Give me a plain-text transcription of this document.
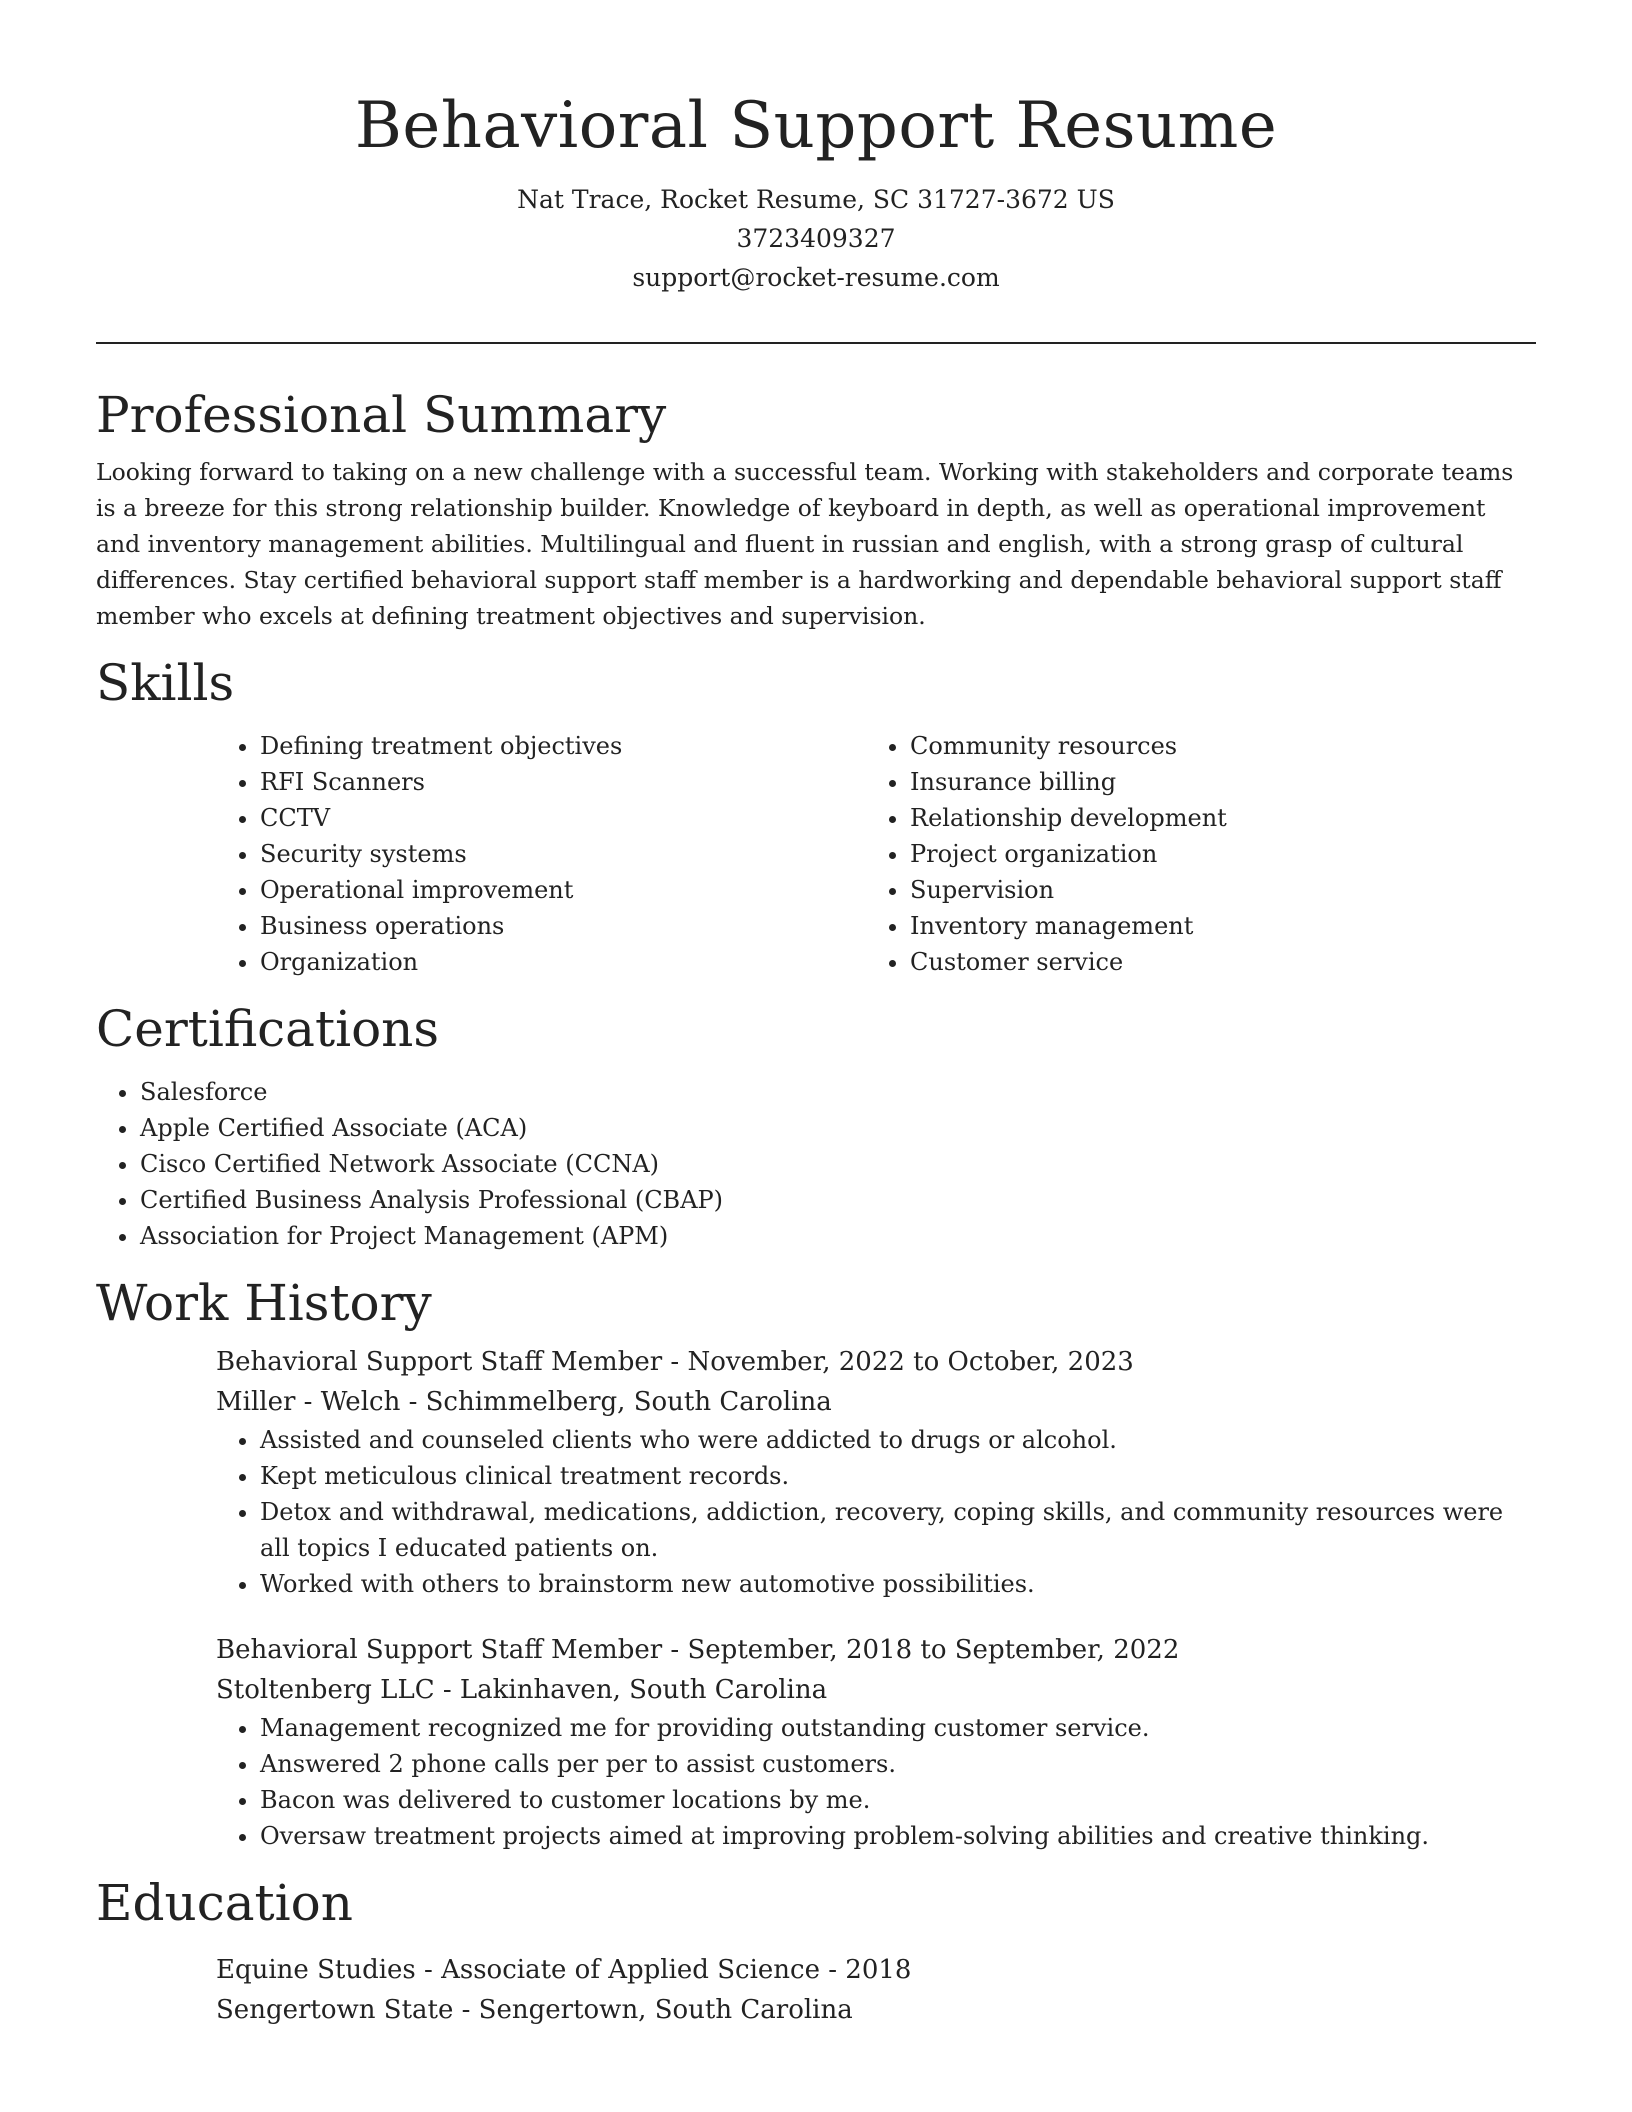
Behavioral Support Resume
Nat Trace, Rocket Resume, SC 31727-3672 US
3723409327
support@rocket-resume.com
Professional Summary

Looking forward to taking on a new challenge with a successful team. Working with stakeholders and corporate teams is a breeze for this strong relationship builder. Knowledge of keyboard in depth, as well as operational improvement and inventory management abilities. Multilingual and fluent in russian and english, with a strong grasp of cultural differences. Stay certified behavioral support staff member is a hardworking and dependable behavioral support staff member who excels at defining treatment objectives and supervision.

Skills
• Defining treatment objectives
• RFI Scanners
• CCTV
• Security systems
• Operational improvement
• Business operations
• Organization
• Community resources
• Insurance billing
• Relationship development
• Project organization
• Supervision
• Inventory management
• Customer service
Certifications
• Salesforce
• Apple Certified Associate (ACA)
• Cisco Certified Network Associate (CCNA)
• Certified Business Analysis Professional (CBAP)
• Association for Project Management (APM)
Work History
Behavioral Support Staff Member - November, 2022 to October, 2023
Miller - Welch - Schimmelberg, South Carolina
• Assisted and counseled clients who were addicted to drugs or alcohol.
• Kept meticulous clinical treatment records.
• Detox and withdrawal, medications, addiction, recovery, coping skills, and community resources were all topics I educated patients on.
• Worked with others to brainstorm new automotive possibilities.
Behavioral Support Staff Member - September, 2018 to September, 2022
Stoltenberg LLC - Lakinhaven, South Carolina
• Management recognized me for providing outstanding customer service.
• Answered 2 phone calls per per to assist customers.
• Bacon was delivered to customer locations by me.
• Oversaw treatment projects aimed at improving problem-solving abilities and creative thinking.
Education
Equine Studies - Associate of Applied Science - 2018
Sengertown State - Sengertown, South Carolina
